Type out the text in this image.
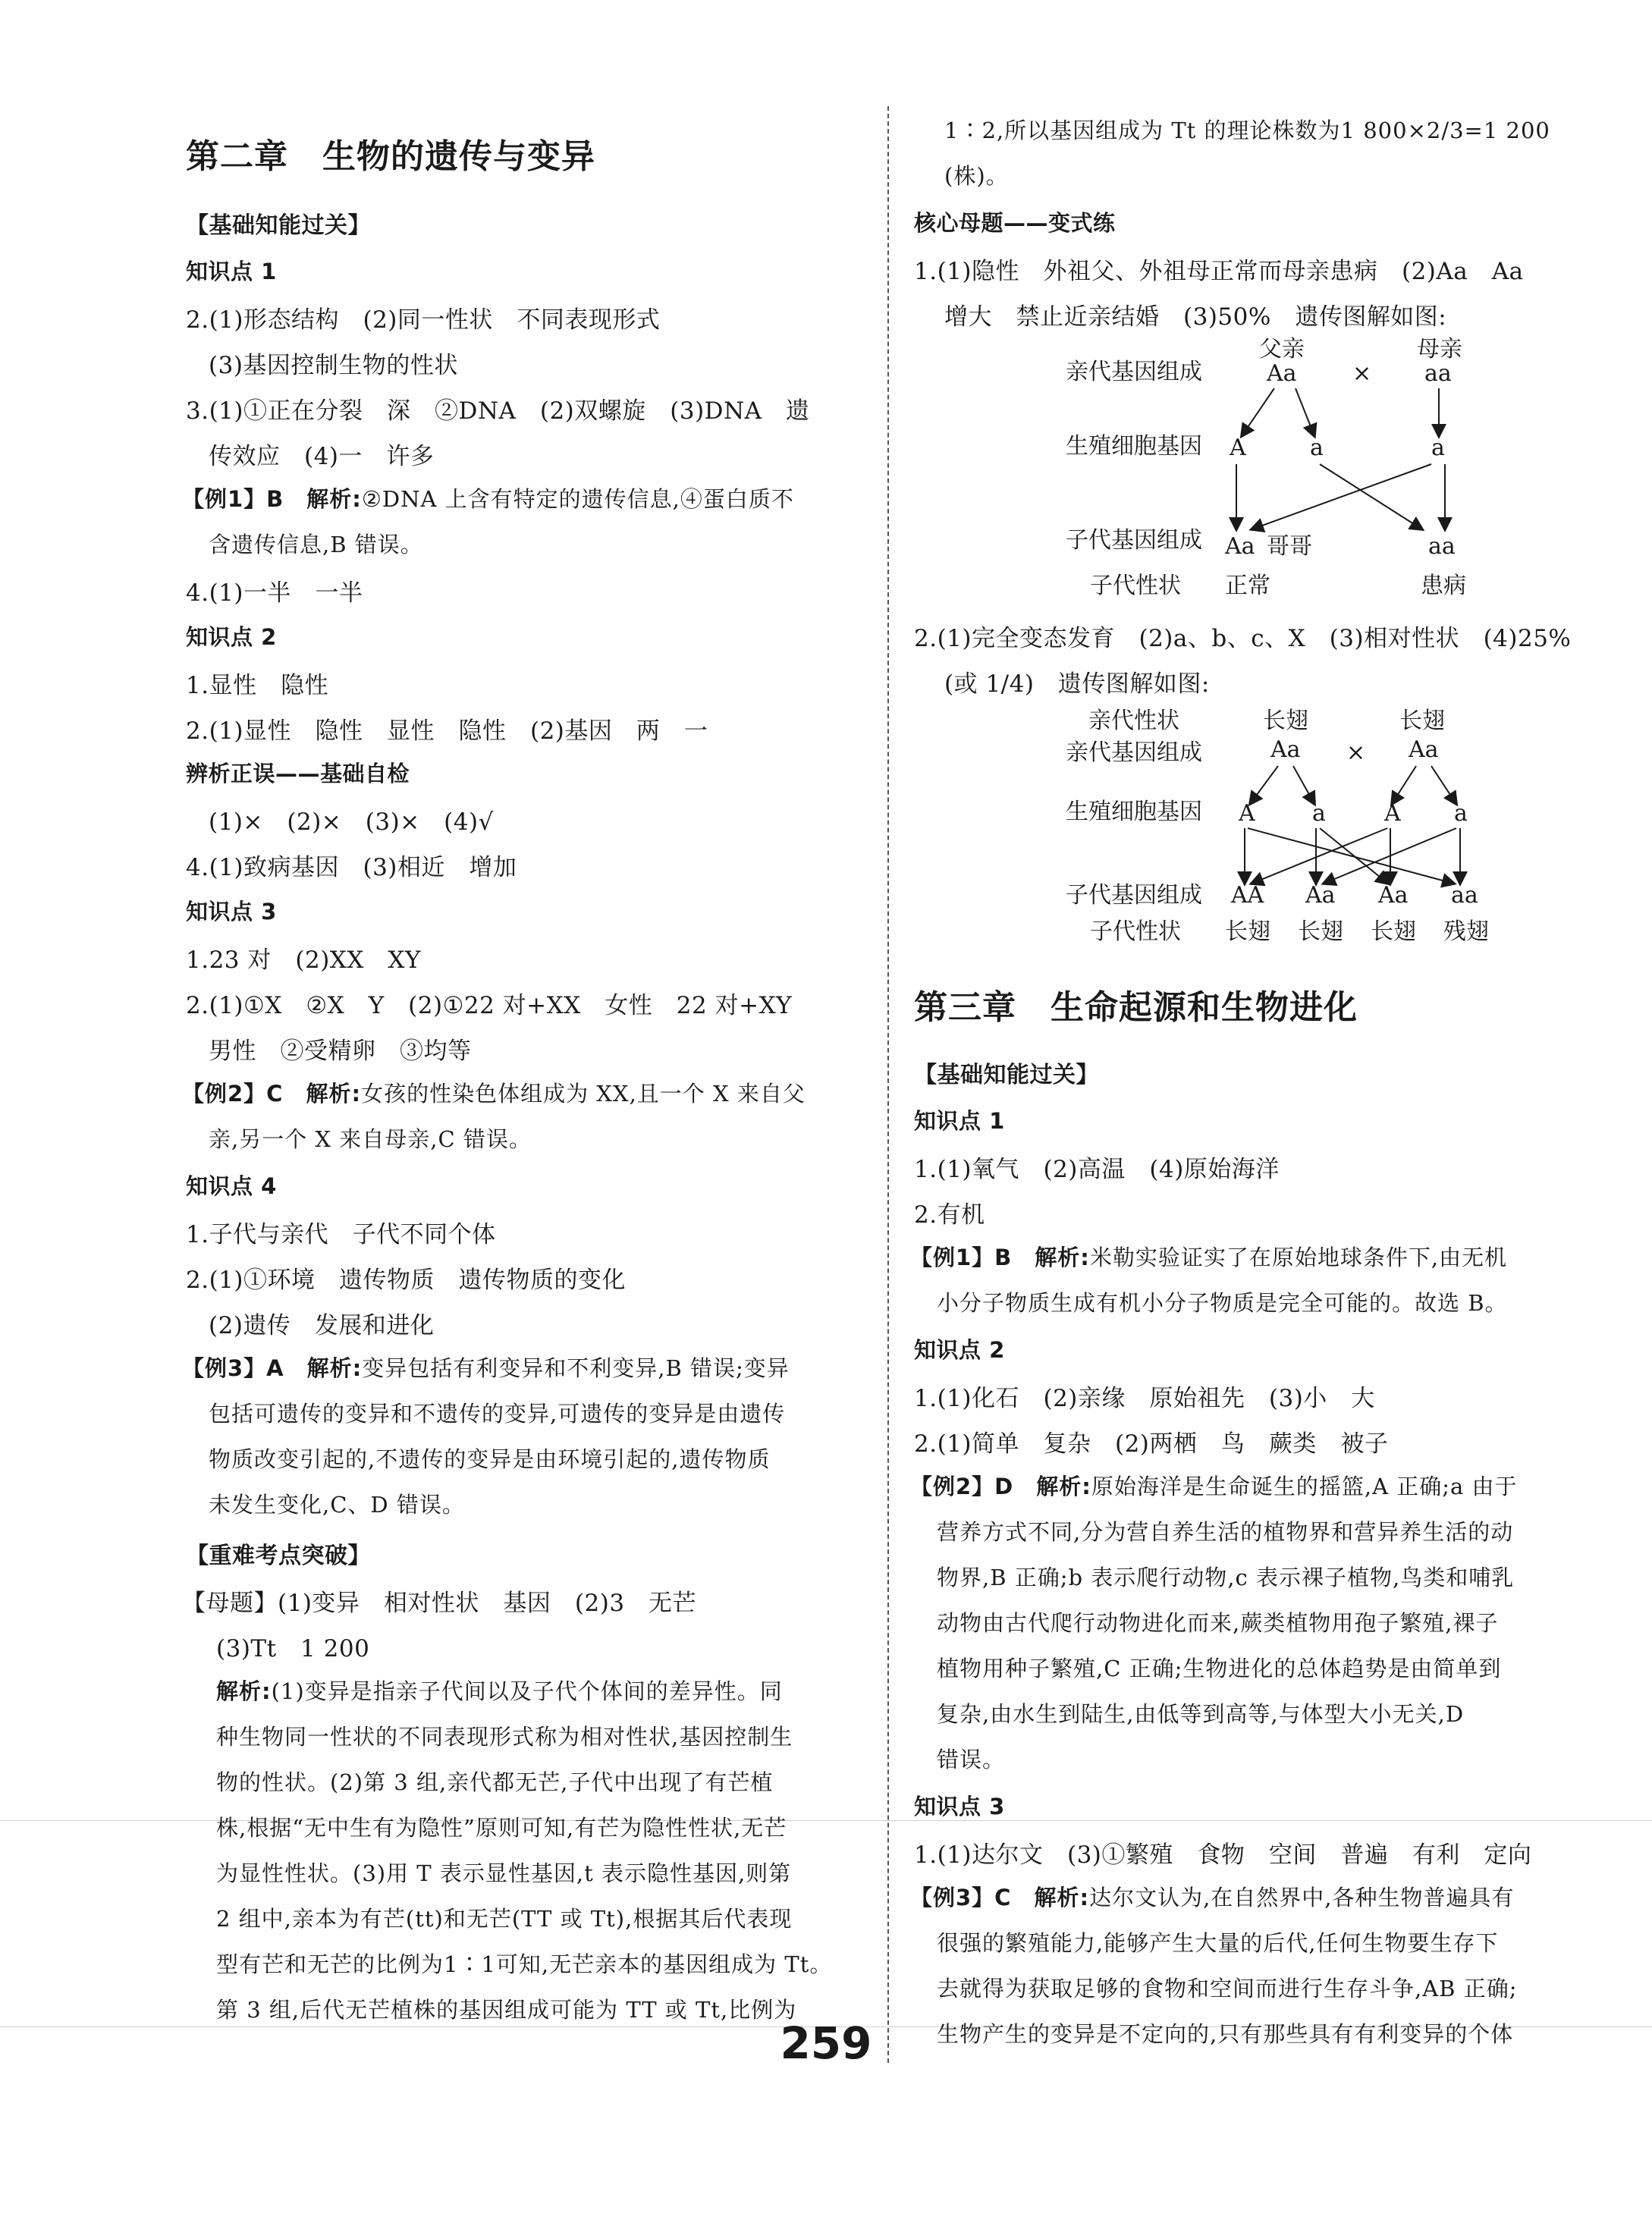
第二章　生物的遗传与变异
【基础知能过关】
知识点 1
2.(1)形态结构　(2)同一性状　不同表现形式
(3)基因控制生物的性状
3.(1)①正在分裂　深　②DNA　(2)双螺旋　(3)DNA　遗
传效应　(4)一　许多
【例1】B　解析:②DNA 上含有特定的遗传信息,④蛋白质不
含遗传信息,B 错误。
4.(1)一半　一半
知识点 2
1.显性　隐性
2.(1)显性　隐性　显性　隐性　(2)基因　两　一
辨析正误——基础自检
(1)×　(2)×　(3)×　(4)√
4.(1)致病基因　(3)相近　增加
知识点 3
1.23 对　(2)XX　XY
2.(1)①X　②X　Y　(2)①22 对+XX　女性　22 对+XY
男性　②受精卵　③均等
【例2】C　解析:女孩的性染色体组成为 XX,且一个 X 来自父
亲,另一个 X 来自母亲,C 错误。
知识点 4
1.子代与亲代　子代不同个体
2.(1)①环境　遗传物质　遗传物质的变化
(2)遗传　发展和进化
【例3】A　解析:变异包括有利变异和不利变异,B 错误;变异
包括可遗传的变异和不遗传的变异,可遗传的变异是由遗传
物质改变引起的,不遗传的变异是由环境引起的,遗传物质
未发生变化,C、D 错误。
【重难考点突破】
【母题】(1)变异　相对性状　基因　(2)3　无芒
(3)Tt　1 200
解析:(1)变异是指亲子代间以及子代个体间的差异性。同
种生物同一性状的不同表现形式称为相对性状,基因控制生
物的性状。(2)第 3 组,亲代都无芒,子代中出现了有芒植
株,根据“无中生有为隐性”原则可知,有芒为隐性性状,无芒
为显性性状。(3)用 T 表示显性基因,t 表示隐性基因,则第
2 组中,亲本为有芒(tt)和无芒(TT 或 Tt),根据其后代表现
型有芒和无芒的比例为1∶1可知,无芒亲本的基因组成为 Tt。
第 3 组,后代无芒植株的基因组成可能为 TT 或 Tt,比例为
1∶2,所以基因组成为 Tt 的理论株数为1 800×2/3=1 200
(株)。
核心母题——变式练
1.(1)隐性　外祖父、外祖母正常而母亲患病　(2)Aa　Aa
增大　禁止近亲结婚　(3)50%　遗传图解如图:
亲代基因组成
父亲	母亲
Aa × aa
生殖细胞基因 A	a	a
子代基因组成 Aa 哥哥	aa
子代性状 正常	患病
2.(1)完全变态发育　(2)a、b、c、X　(3)相对性状　(4)25%
(或 1/4)　遗传图解如图:
亲代性状	长翅	长翅
亲代基因组成	Aa × Aa
生殖细胞基因 A	a	A a
子代基因组成 AA Aa Aa aa
子代性状 长翅 长翅 长翅 残翅
第三章　生命起源和生物进化
【基础知能过关】
知识点 1
1.(1)氧气　(2)高温　(4)原始海洋
2.有机
【例1】B　解析:米勒实验证实了在原始地球条件下,由无机
小分子物质生成有机小分子物质是完全可能的。故选 B。
知识点 2
1.(1)化石　(2)亲缘　原始祖先　(3)小　大
2.(1)简单　复杂　(2)两栖　鸟　蕨类　被子
【例2】D　解析:原始海洋是生命诞生的摇篮,A 正确;a 由于
营养方式不同,分为营自养生活的植物界和营异养生活的动
物界,B 正确;b 表示爬行动物,c 表示裸子植物,鸟类和哺乳
动物由古代爬行动物进化而来,蕨类植物用孢子繁殖,裸子
植物用种子繁殖,C 正确;生物进化的总体趋势是由简单到
复杂,由水生到陆生,由低等到高等,与体型大小无关,D
错误。
知识点 3
1.(1)达尔文　(3)①繁殖　食物　空间　普遍　有利　定向
【例3】C　解析:达尔文认为,在自然界中,各种生物普遍具有
很强的繁殖能力,能够产生大量的后代,任何生物要生存下
去就得为获取足够的食物和空间而进行生存斗争,AB 正确;
生物产生的变异是不定向的,只有那些具有有利变异的个体
259
